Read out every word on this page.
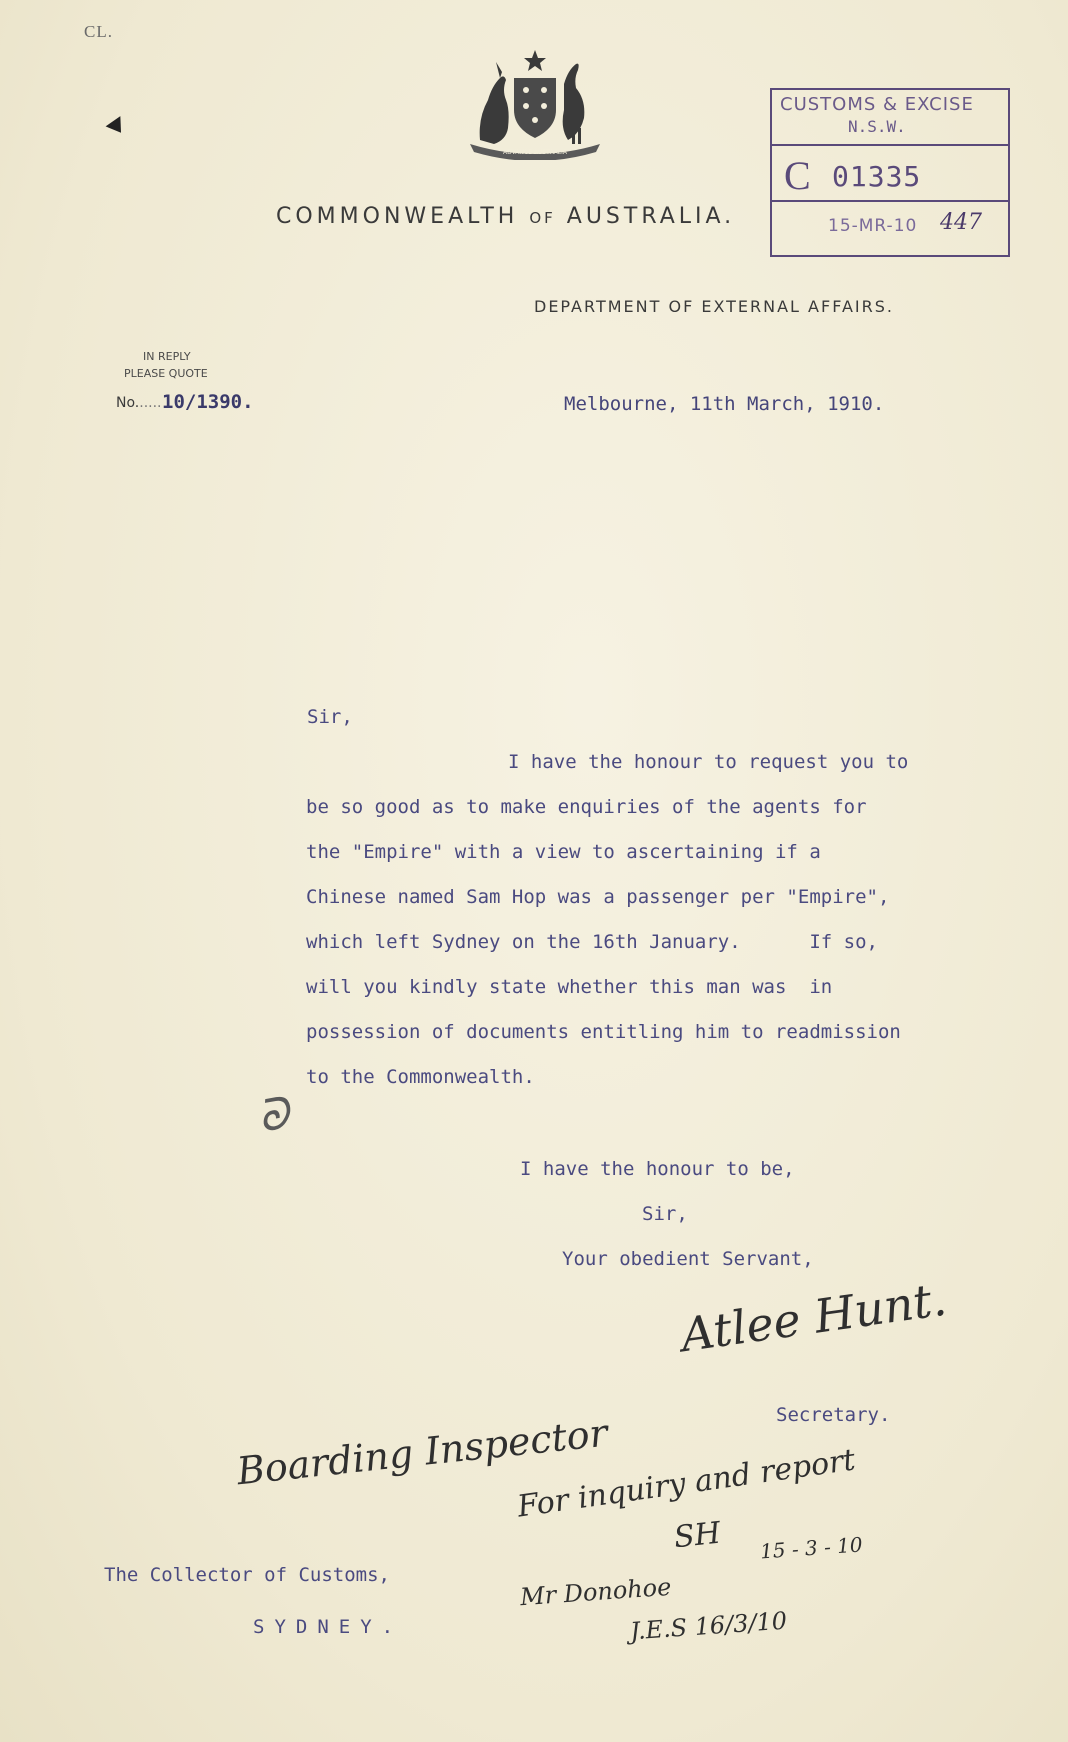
CL.
ADVANCE AUSTRALIA
COMMONWEALTH OF AUSTRALIA.
DEPARTMENT OF EXTERNAL AFFAIRS.
CUSTOMS & EXCISE
N.S.W.
C 01335
15-MR-10 447
IN REPLY
PLEASE QUOTE
No...... 10/1390.	Melbourne, 11th March, 1910.
Sir,
I have the honour to request you to
be so good as to make enquiries of the agents for
the "Empire" with a view to ascertaining if a
Chinese named Sam Hop was a passenger per "Empire",
which left Sydney on the 16th January.      If so,
will you kindly state whether this man was  in
possession of documents entitling him to readmission
to the Commonwealth.
ᘐ
I have the honour to be,
Sir,
Your obedient Servant,
Atlee Hunt.
Secretary.
Boarding Inspector
For inquiry and report
SH 15 - 3 - 10
The Collector of Customs,
SYDNEY.
Mr Donohoe
J.E.S 16/3/10
